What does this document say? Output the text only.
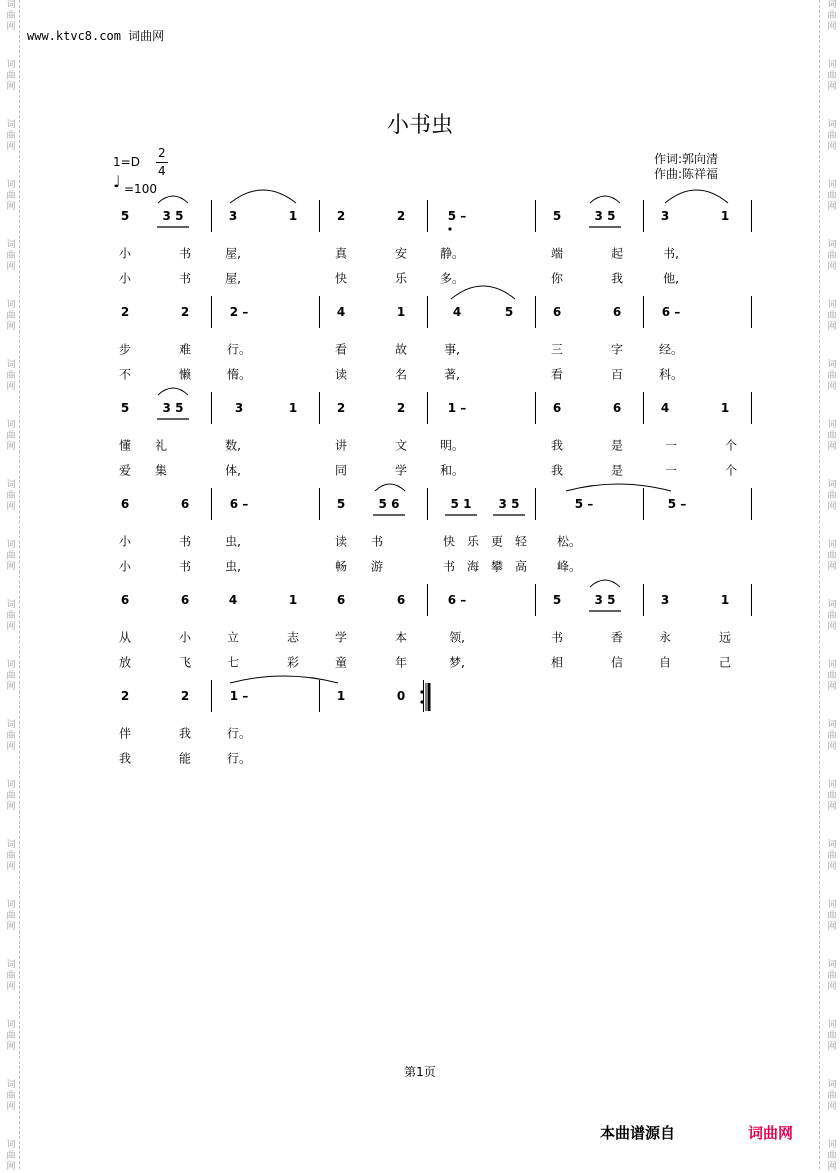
词
曲
网
词
曲
网
词
曲
网
词
曲
网
词
曲
网
词
曲
网
词
曲
网
词
曲
网
词
曲
网
词
曲
网
词
曲
网
词
曲
网
词
曲
网
词
曲
网
词
曲
网
词
曲
网
词
曲
网
词
曲
网
词
曲
网
词
曲
网
词
曲
网
词
曲
网
词
曲
网
词
曲
网
词
曲
网
词
曲
网
词
曲
网
词
曲
网
词
曲
网
词
曲
网
词
曲
网
词
曲
网
词
曲
网
词
曲
网
词
曲
网
词
曲
网
词
曲
网
词
曲
网
词
曲
网
词
曲
网
www.ktvc8.com 词曲网
小书虫
1=D
2
4
♩ =100
作词:郭向清
作曲:陈祥福
5	3 5	3	1	2	2	5 –	5	3 5	3	1
小	书	屋,	真	安	静。	端	起	书,
小	书	屋,	快	乐	多。	你	我	他,
2	2	2 –	4	1	4	5	6	6	6 –
步	难	行。	看	故	事,	三	字	经。
不	懒	惰。	读	名	著,	看	百	科。
5	3 5	3	1	2	2	1 –	6	6	4	1
懂 礼	数,	讲	文	明。	我	是	一	个
爱 集	体,	同	学	和。	我	是	一	个
6	6	6 –	5	5 6	5 1 3 5	5 –	5 –
小	书	虫,	读 书	快 乐 更 轻 松。
小	书	虫,	畅 游	书 海 攀 高 峰。
6	6	4	1	6	6	6 –	5	3 5	3	1
从	小	立	志	学	本	领,	书	香	永	远
放	飞	七	彩	童	年	梦,	相	信	自	己
2	2	1 –	1	0
伴	我	行。
我	能	行。
第1页
本曲谱源自	词曲网
